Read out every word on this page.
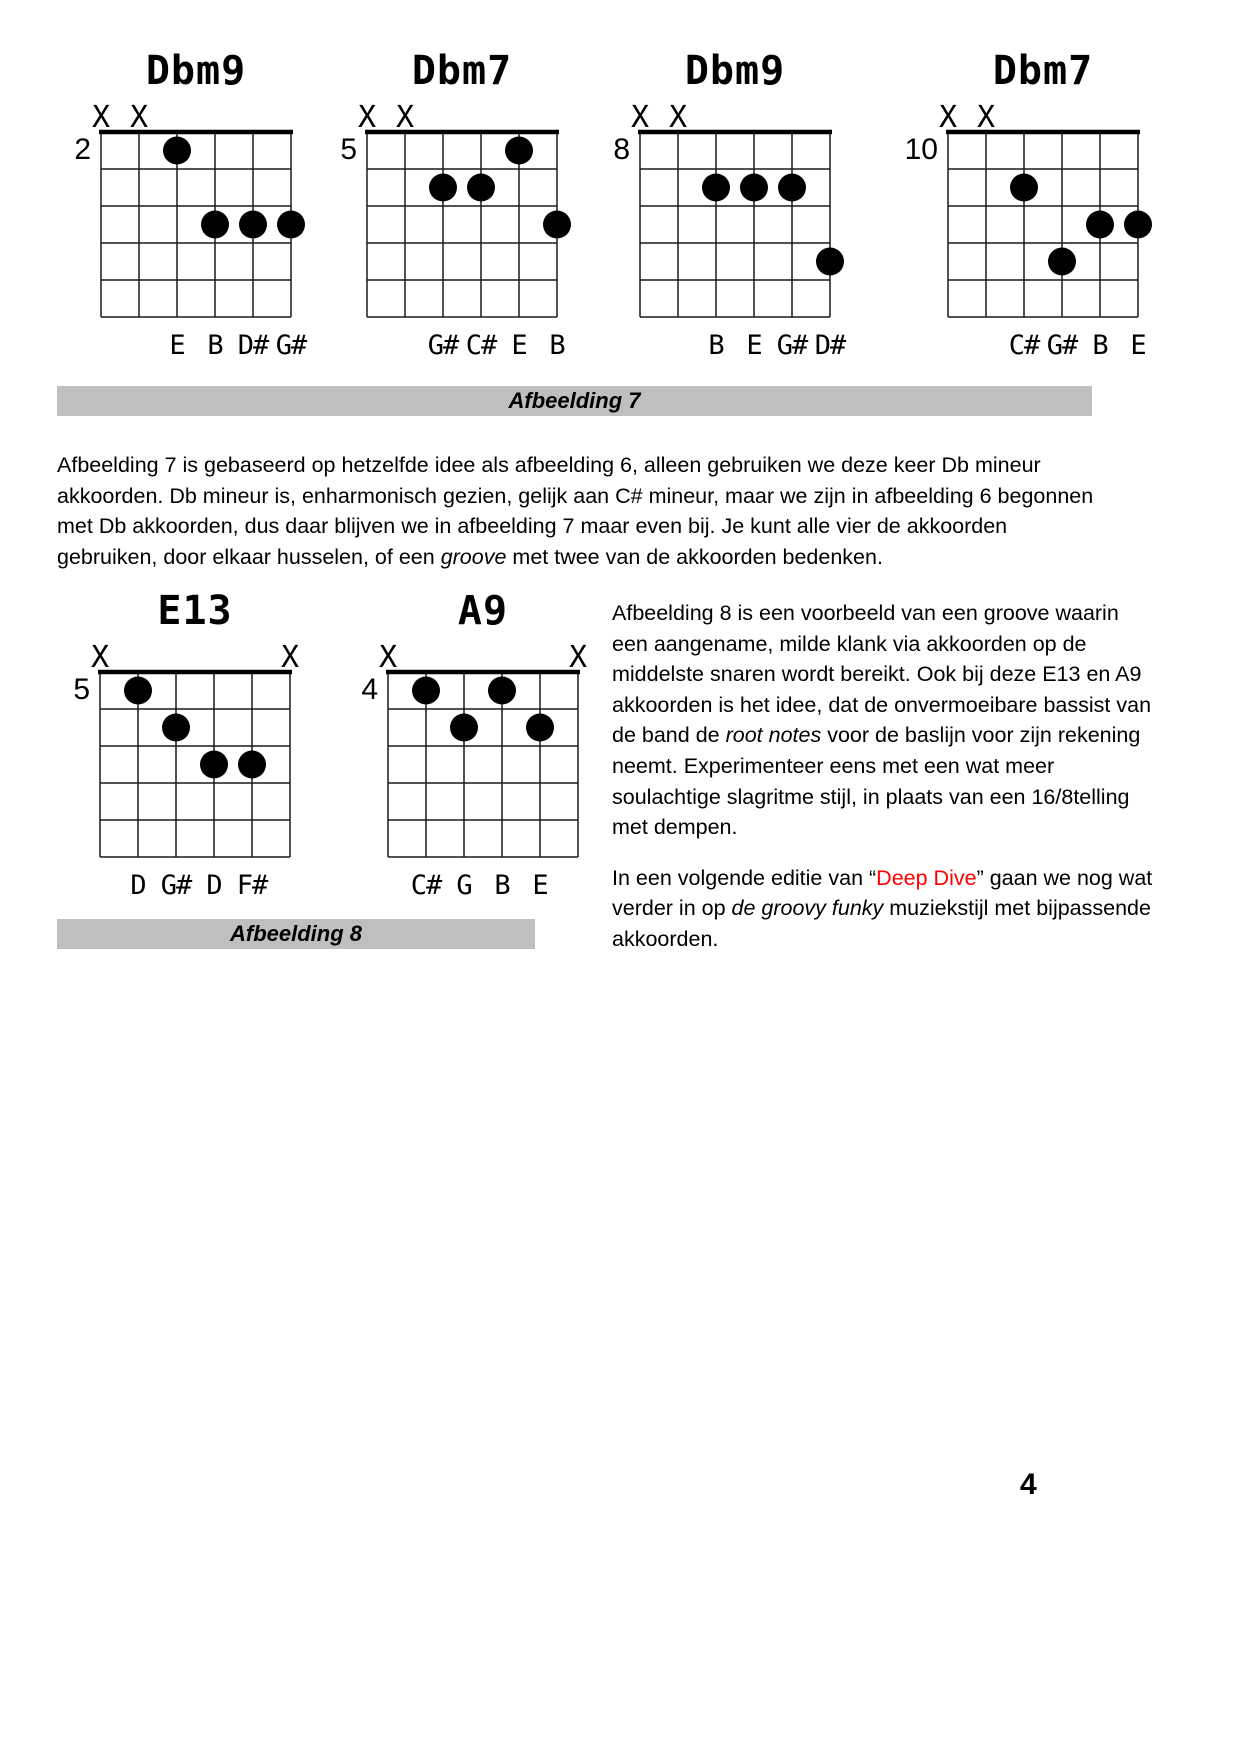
Dbm9
X X
2
E B D# G#
Dbm7
X X
5
G# C# E B
Dbm9
X X
8
B E G# D#
Dbm7
X X
10
C# G# B E
Afbeelding 7

Afbeelding 7 is gebaseerd op hetzelfde idee als afbeelding 6, alleen gebruiken we deze keer Db mineur akkoorden. Db mineur is, enharmonisch gezien, gelijk aan C# mineur, maar we zijn in afbeelding 6 begonnen met Db akkoorden, dus daar blijven we in afbeelding 7 maar even bij. Je kunt alle vier de akkoorden gebruiken, door elkaar husselen, of een groove met twee van de akkoorden bedenken.

E13
X	X
5
D G# D F#
A9
X	X
4
C# G B E
Afbeelding 8

Afbeelding 8 is een voorbeeld van een groove waarin een aangename, milde klank via akkoorden op de middelste snaren wordt bereikt. Ook bij deze E13 en A9 akkoorden is het idee, dat de onvermoeibare bassist van de band de root notes voor de baslijn voor zijn rekening neemt. Experimenteer eens met een wat meer soulachtige slagritme stijl, in plaats van een 16/8telling met dempen.

In een volgende editie van “Deep Dive” gaan we nog wat verder in op de groovy funky muziekstijl met bijpassende akkoorden.

4
